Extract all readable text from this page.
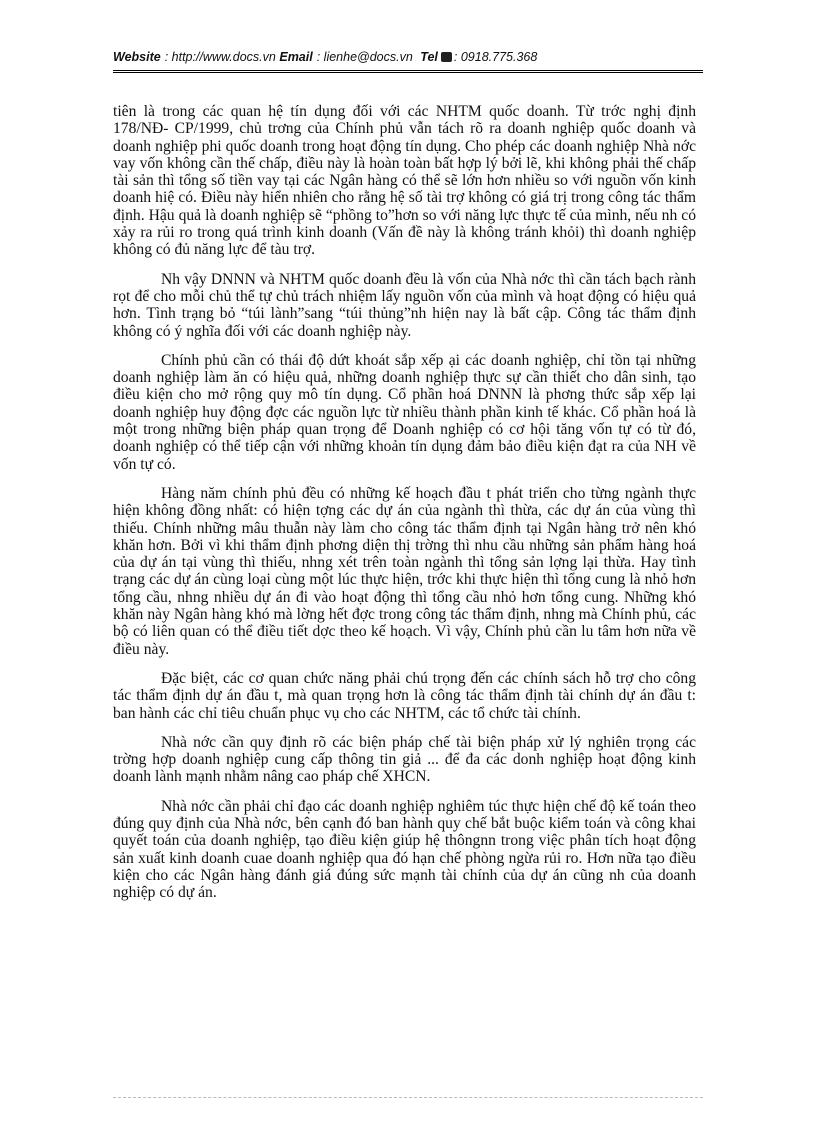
Website : http://www.docs.vn Email : lienhe@docs.vn Tel : 0918.775.368

tiên là trong các quan hệ tín dụng đối với các NHTM quốc doanh. Từ trớc nghị định 178/NĐ- CP/1999, chủ trơng của Chính phủ vẫn tách rõ ra doanh nghiệp quốc doanh và doanh nghiệp phi quốc doanh trong hoạt động tín dụng. Cho phép các doanh nghiệp Nhà nớc vay vốn không cần thế chấp, điều này là hoàn toàn bất hợp lý bởi lẽ, khi không phải thế chấp tài sản thì tổng số tiền vay tại các Ngân hàng có thể sẽ lớn hơn nhiều so với nguồn vốn kinh doanh hiệ có. Điều này hiển nhiên cho rằng hệ số tài trợ không có giá trị trong công tác thẩm định. Hậu quả là doanh nghiệp sẽ “phồng to”hơn so với năng lực thực tế của mình, nếu nh có xảy ra rủi ro trong quá trình kinh doanh (Vấn đề này là không tránh khỏi) thì doanh nghiệp không có đủ năng lực để tàu trợ.

Nh vậy DNNN và NHTM quốc doanh đều là vốn của Nhà nớc thì cần tách bạch rành rọt để cho mỗi chủ thể tự chủ trách nhiệm lấy nguồn vốn của mình và hoạt động có hiệu quả hơn. Tình trạng bỏ “túi lành”sang “túi thủng”nh hiện nay là bất cập. Công tác thẩm định không có ý nghĩa đối với các doanh nghiệp này.

Chính phủ cần có thái độ dứt khoát sắp xếp ại các doanh nghiệp, chỉ tồn tại những doanh nghiệp làm ăn có hiệu quả, những doanh nghiệp thực sự cần thiết cho dân sinh, tạo điều kiện cho mở rộng quy mô tín dụng. Cổ phần hoá DNNN là phơng thức sắp xếp lại doanh nghiệp huy động đợc các nguồn lực từ nhiều thành phần kinh tế khác. Cổ phần hoá là một trong những biện pháp quan trọng để Doanh nghiệp có cơ hội tăng vốn tự có từ đó, doanh nghiệp có thể tiếp cận với những khoản tín dụng đảm bảo điều kiện đạt ra của NH về vốn tự có.

Hàng năm chính phủ đều có những kế hoạch đầu t phát triển cho từng ngành thực hiện không đồng nhất: có hiện tợng các dự án của ngành thì thừa, các dự án của vùng thì thiếu. Chính những mâu thuẫn này làm cho công tác thẩm định tại Ngân hàng trở nên khó khăn hơn. Bởi vì khi thẩm định phơng diện thị trờng thì nhu cầu những sản phẩm hàng hoá của dự án tại vùng thì thiếu, nhng xét trên toàn ngành thì tổng sản lợng lại thừa. Hay tình trạng các dự án cùng loại cùng một lúc thực hiện, trớc khi thực hiện thì tổng cung là nhỏ hơn tổng cầu, nhng nhiều dự án đi vào hoạt động thì tổng cầu nhỏ hơn tổng cung. Những khó khăn này Ngân hàng khó mà lờng hết đợc trong công tác thẩm định, nhng mà Chính phủ, các bộ có liên quan có thể điều tiết dợc theo kế hoạch. Vì vậy, Chính phủ cần lu tâm hơn nữa về điều này.

Đặc biệt, các cơ quan chức năng phải chú trọng đến các chính sách hỗ trợ cho công tác thẩm định dự án đầu t, mà quan trọng hơn là công tác thẩm định tài chính dự án đầu t: ban hành các chỉ tiêu chuẩn phục vụ cho các NHTM, các tổ chức tài chính.

Nhà nớc cần quy định rõ các biện pháp chế tài biện pháp xử lý nghiên trọng các trờng hợp doanh nghiệp cung cấp thông tin giả ... để đa các donh nghiệp hoạt động kinh doanh lành mạnh nhằm nâng cao pháp chế XHCN.

Nhà nớc cần phải chỉ đạo các doanh nghiệp nghiêm túc thực hiện chế độ kế toán theo đúng quy định của Nhà nớc, bên cạnh đó ban hành quy chế bắt buộc kiểm toán và công khai quyết toán của doanh nghiệp, tạo điều kiện giúp hệ thôngnn trong việc phân tích hoạt động sản xuất kinh doanh cuae doanh nghiệp qua đó hạn chế phòng ngừa rủi ro. Hơn nữa tạo điều kiện cho các Ngân hàng đánh giá đúng sức mạnh tài chính của dự án cũng nh của doanh nghiệp có dự án.
